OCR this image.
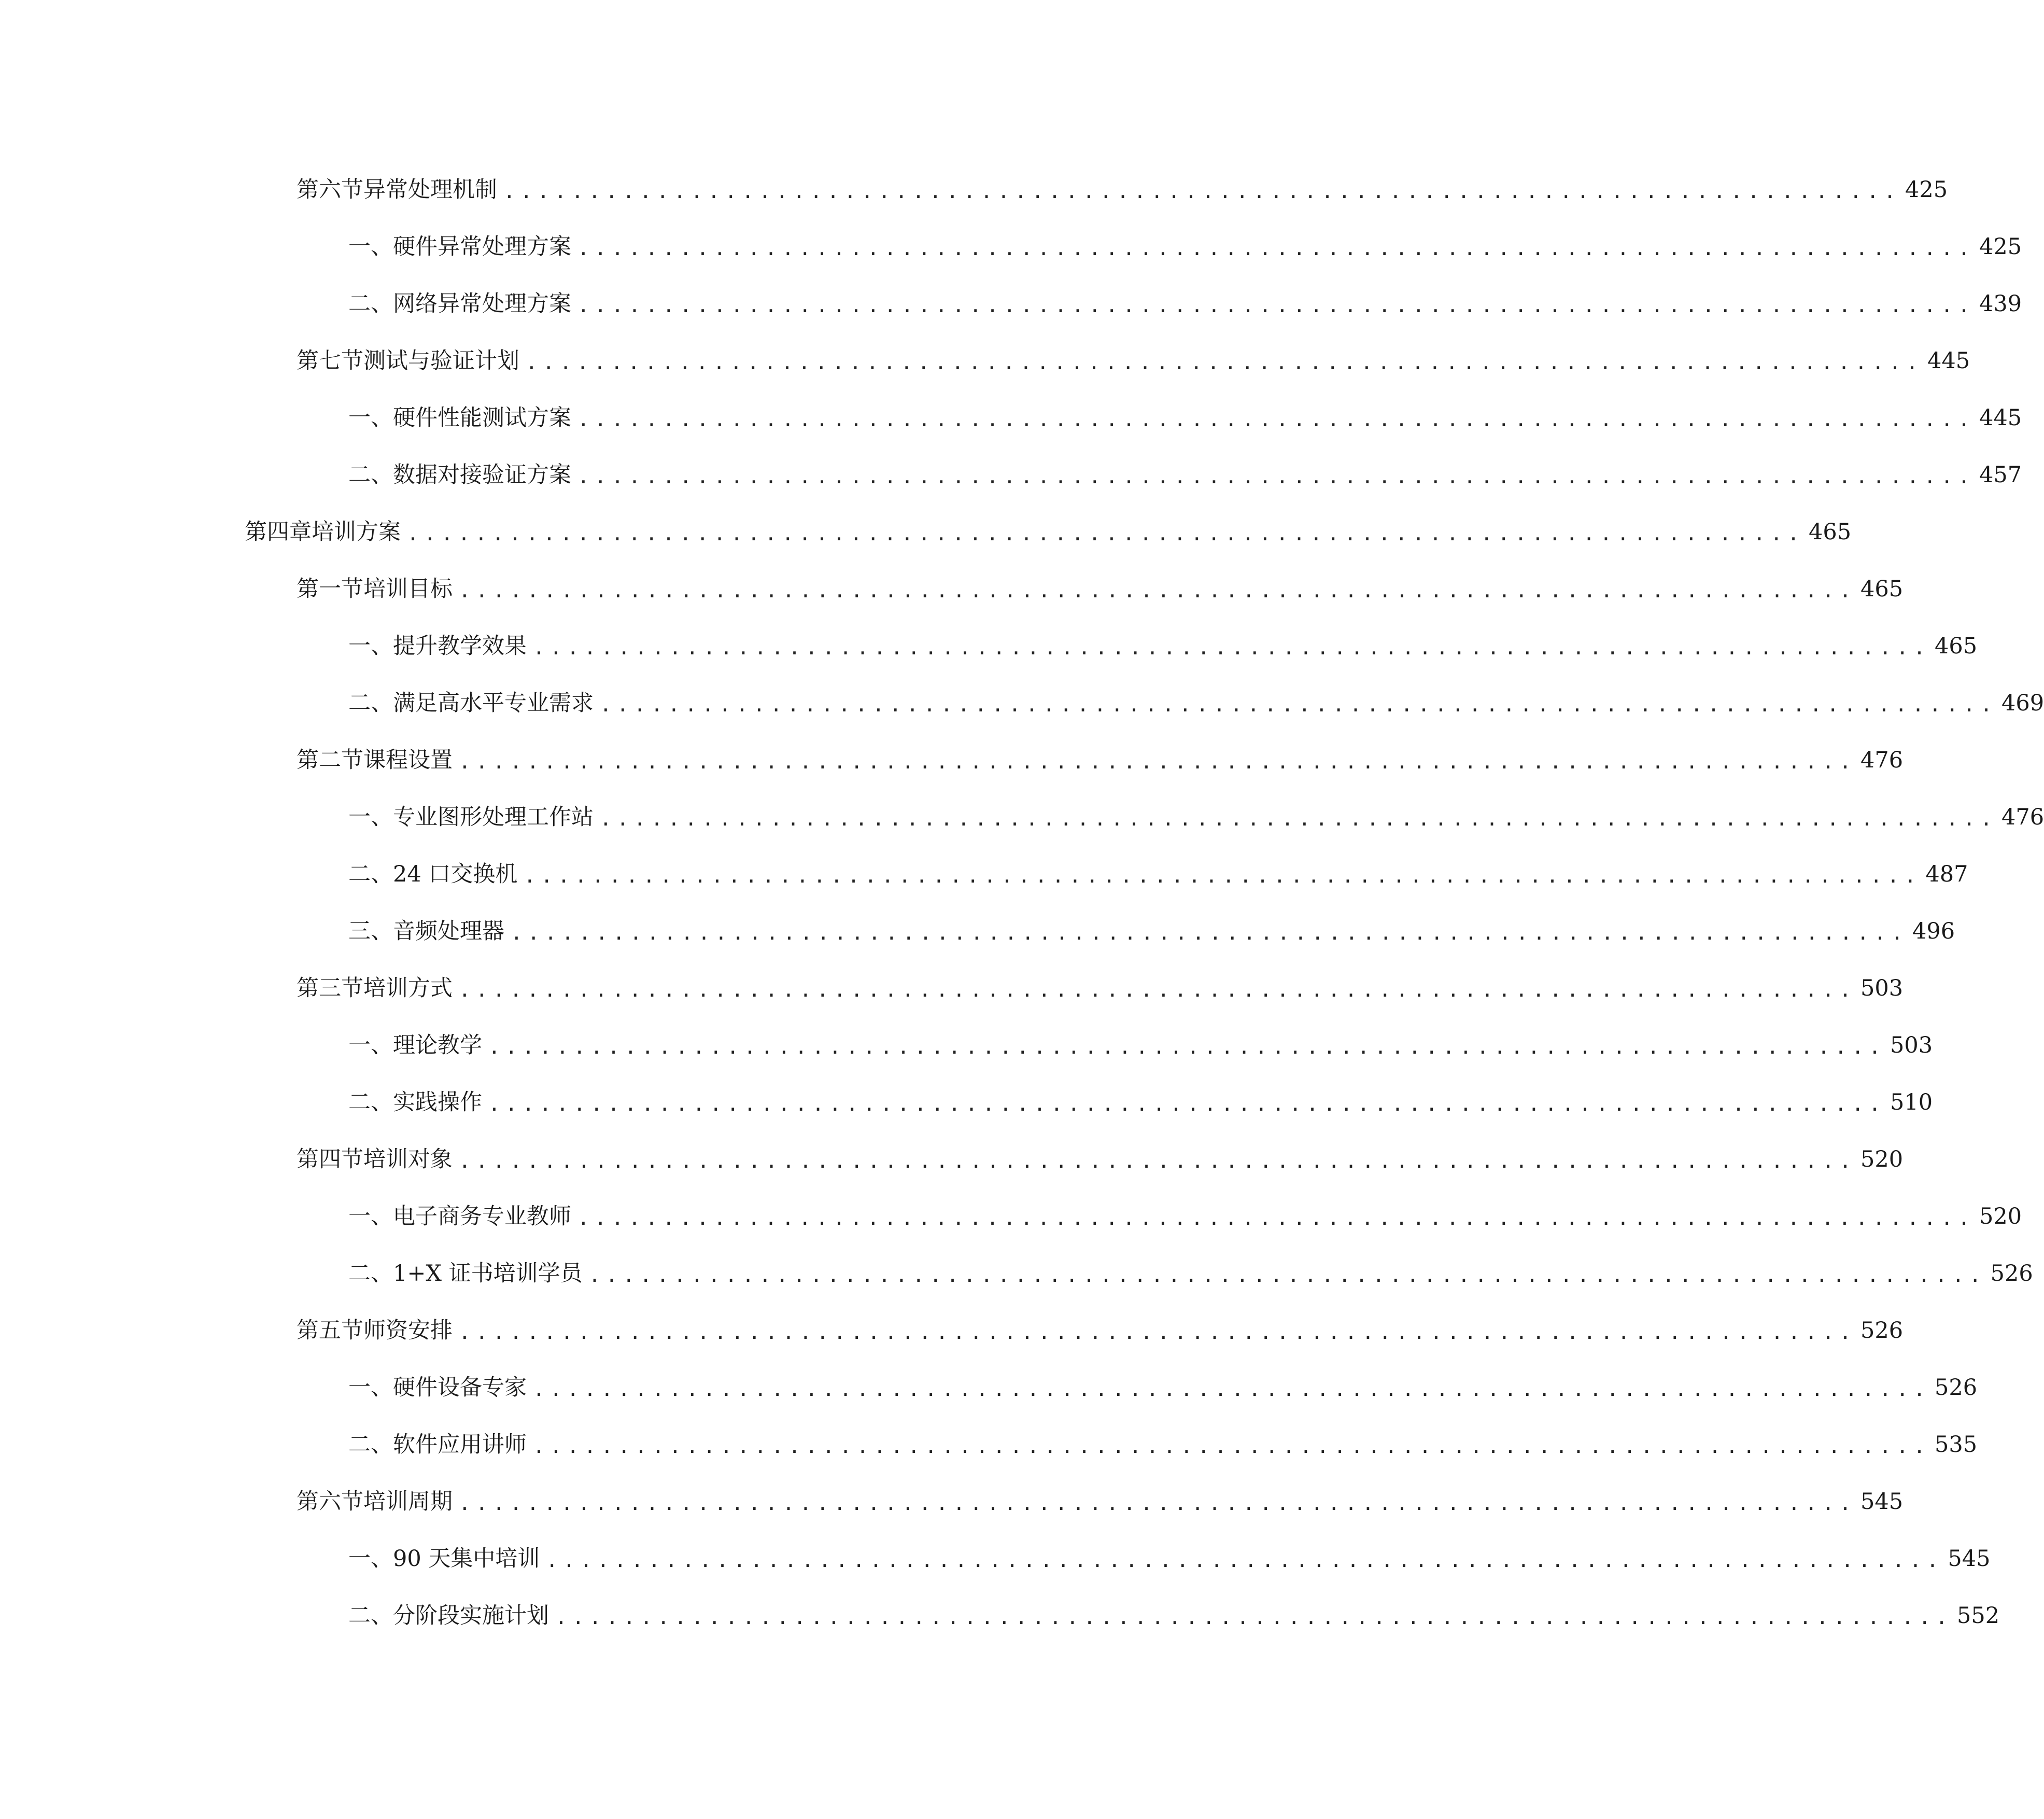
第六节 异常处理机制 .................................................................................. 425
一、 硬件异常处理方案 .................................................................................. 425
二、 网络异常处理方案 .................................................................................. 439
第七节 测试与验证计划 .................................................................................. 445
一、 硬件性能测试方案 .................................................................................. 445
二、 数据对接验证方案 .................................................................................. 457
第四章 培训方案 .................................................................................. 465
第一节 培训目标 .................................................................................. 465
一、 提升教学效果 .................................................................................. 465
二、 满足高水平专业需求 .................................................................................. 469
第二节 课程设置 .................................................................................. 476
一、 专业图形处理工作站 .................................................................................. 476
二、 24 口交换机 .................................................................................. 487
三、 音频处理器 .................................................................................. 496
第三节 培训方式 .................................................................................. 503
一、 理论教学 .................................................................................. 503
二、 实践操作 .................................................................................. 510
第四节 培训对象 .................................................................................. 520
一、 电子商务专业教师 .................................................................................. 520
二、 1+X 证书培训学员 .................................................................................. 526
第五节 师资安排 .................................................................................. 526
一、 硬件设备专家 .................................................................................. 526
二、 软件应用讲师 .................................................................................. 535
第六节 培训周期 .................................................................................. 545
一、 90 天集中培训 .................................................................................. 545
二、 分阶段实施计划 .................................................................................. 552
